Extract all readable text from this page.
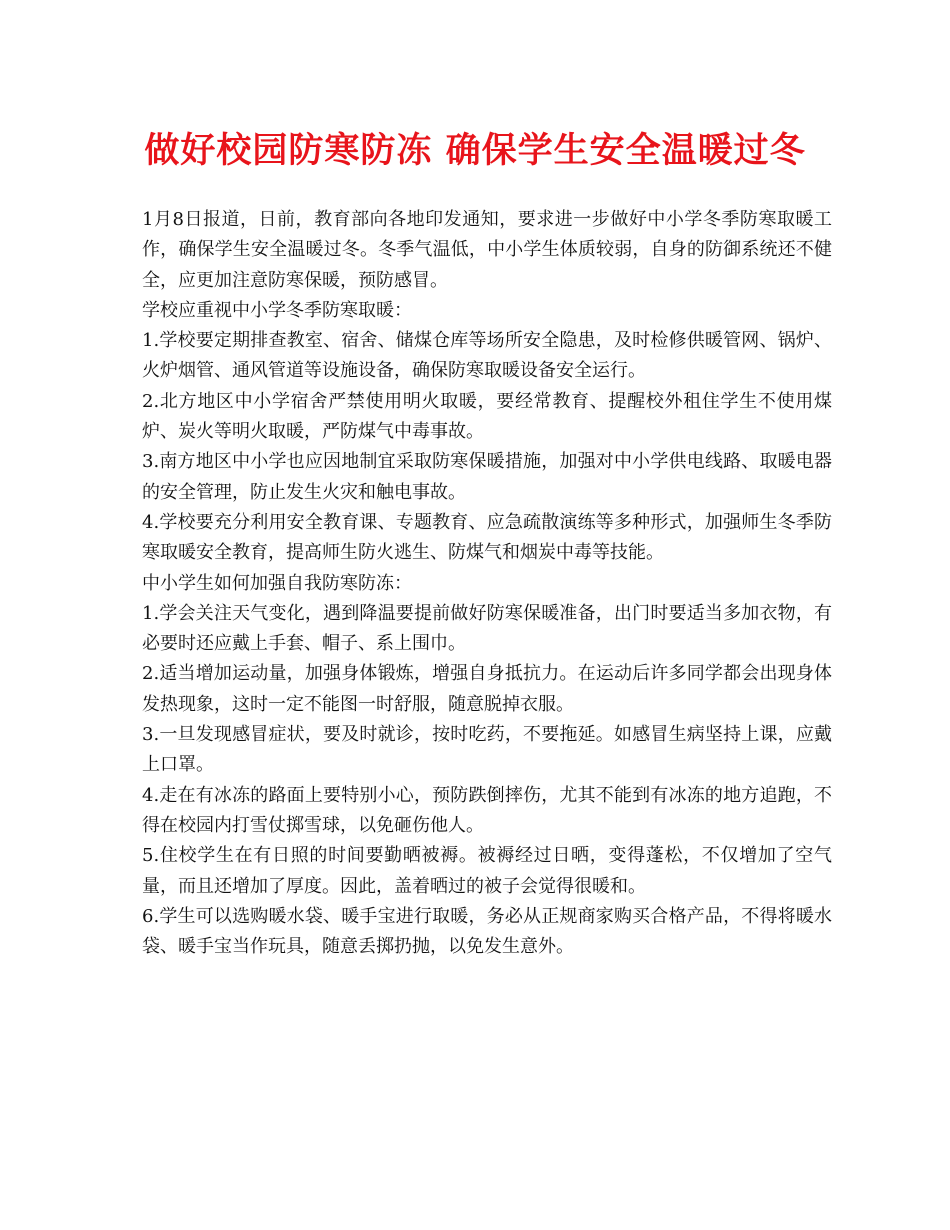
做好校园防寒防冻 确保学生安全温暖过冬

1月8日报道，日前，教育部向各地印发通知，要求进一步做好中小学冬季防寒取暖工作，确保学生安全温暖过冬。冬季气温低，中小学生体质较弱，自身的防御系统还不健全，应更加注意防寒保暖，预防感冒。

学校应重视中小学冬季防寒取暖：

1.学校要定期排查教室、宿舍、储煤仓库等场所安全隐患，及时检修供暖管网、锅炉、火炉烟管、通风管道等设施设备，确保防寒取暖设备安全运行。

2.北方地区中小学宿舍严禁使用明火取暖，要经常教育、提醒校外租住学生不使用煤炉、炭火等明火取暖，严防煤气中毒事故。

3.南方地区中小学也应因地制宜采取防寒保暖措施，加强对中小学供电线路、取暖电器的安全管理，防止发生火灾和触电事故。

4.学校要充分利用安全教育课、专题教育、应急疏散演练等多种形式，加强师生冬季防寒取暖安全教育，提高师生防火逃生、防煤气和烟炭中毒等技能。

中小学生如何加强自我防寒防冻：

1.学会关注天气变化，遇到降温要提前做好防寒保暖准备，出门时要适当多加衣物，有必要时还应戴上手套、帽子、系上围巾。

2.适当增加运动量，加强身体锻炼，增强自身抵抗力。在运动后许多同学都会出现身体发热现象，这时一定不能图一时舒服，随意脱掉衣服。

3.一旦发现感冒症状，要及时就诊，按时吃药，不要拖延。如感冒生病坚持上课，应戴上口罩。

4.走在有冰冻的路面上要特别小心，预防跌倒摔伤，尤其不能到有冰冻的地方追跑，不得在校园内打雪仗掷雪球，以免砸伤他人。

5.住校学生在有日照的时间要勤晒被褥。被褥经过日晒，变得蓬松，不仅增加了空气量，而且还增加了厚度。因此，盖着晒过的被子会觉得很暖和。

6.学生可以选购暖水袋、暖手宝进行取暖，务必从正规商家购买合格产品，不得将暖水袋、暖手宝当作玩具，随意丢掷扔抛，以免发生意外。
